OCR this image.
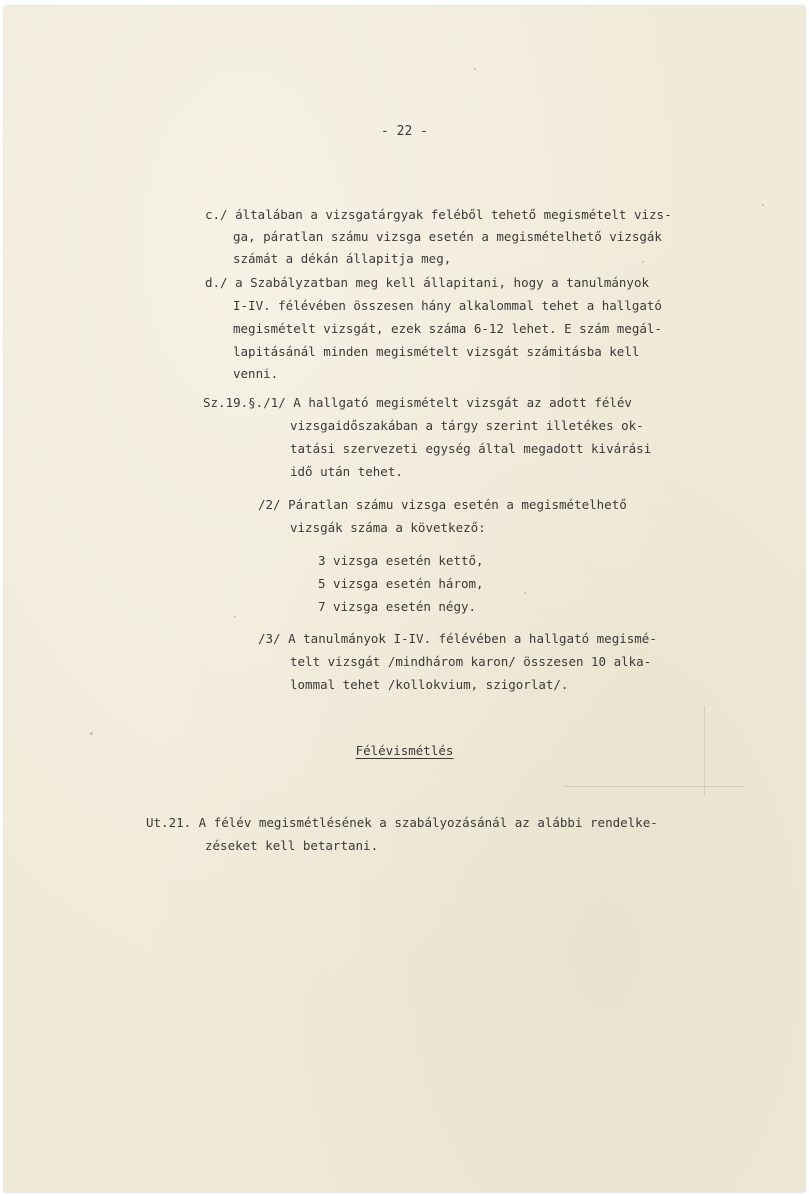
- 22 -
c./ általában a vizsgatárgyak feléből tehető megismételt vizs-
ga, páratlan számu vizsga esetén a megismételhető vizsgák
számát a dékán állapitja meg,
d./ a Szabályzatban meg kell állapitani, hogy a tanulmányok
I-IV. félévében összesen hány alkalommal tehet a hallgató
megismételt vizsgát, ezek száma 6-12 lehet. E szám megál-
lapitásánál minden megismételt vizsgát számitásba kell
venni.
Sz.19.§./1/ A hallgató megismételt vizsgát az adott félév
vizsgaidőszakában a tárgy szerint illetékes ok-
tatási szervezeti egység által megadott kivárási
idő után tehet.
/2/ Páratlan számu vizsga esetén a megismételhető
vizsgák száma a következő:
3 vizsga esetén kettő,
5 vizsga esetén három,
7 vizsga esetén négy.
/3/ A tanulmányok I-IV. félévében a hallgató megismé-
telt vizsgát /mindhárom karon/ összesen 10 alka-
lommal tehet /kollokvium, szigorlat/.
Félévismétlés
Ut.21. A félév megismétlésének a szabályozásánál az alábbi rendelke-
zéseket kell betartani.
